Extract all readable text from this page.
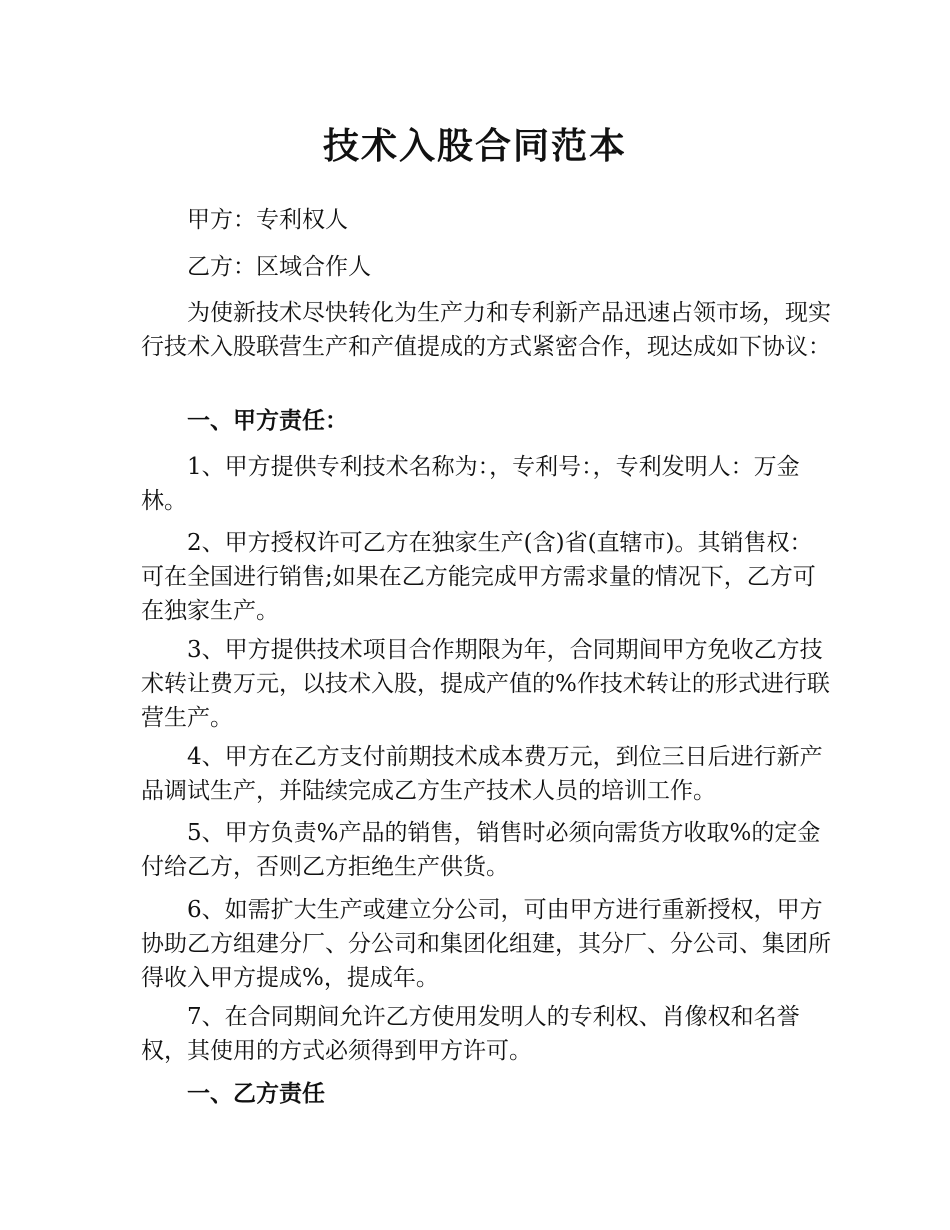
技术入股合同范本

甲方：专利权人

乙方：区域合作人

为使新技术尽快转化为生产力和专利新产品迅速占领市场，现实行技术入股联营生产和产值提成的方式紧密合作，现达成如下协议：

一、甲方责任：

1、甲方提供专利技术名称为：，专利号：，专利发明人：万金林。

2、甲方授权许可乙方在独家生产(含)省(直辖市)。其销售权：可在全国进行销售;如果在乙方能完成甲方需求量的情况下，乙方可在独家生产。

3、甲方提供技术项目合作期限为年，合同期间甲方免收乙方技术转让费万元，以技术入股，提成产值的%作技术转让的形式进行联营生产。

4、甲方在乙方支付前期技术成本费万元，到位三日后进行新产品调试生产，并陆续完成乙方生产技术人员的培训工作。

5、甲方负责%产品的销售，销售时必须向需货方收取%的定金付给乙方，否则乙方拒绝生产供货。

6、如需扩大生产或建立分公司，可由甲方进行重新授权，甲方协助乙方组建分厂、分公司和集团化组建，其分厂、分公司、集团所得收入甲方提成%，提成年。

7、在合同期间允许乙方使用发明人的专利权、肖像权和名誉权，其使用的方式必须得到甲方许可。

一、乙方责任
